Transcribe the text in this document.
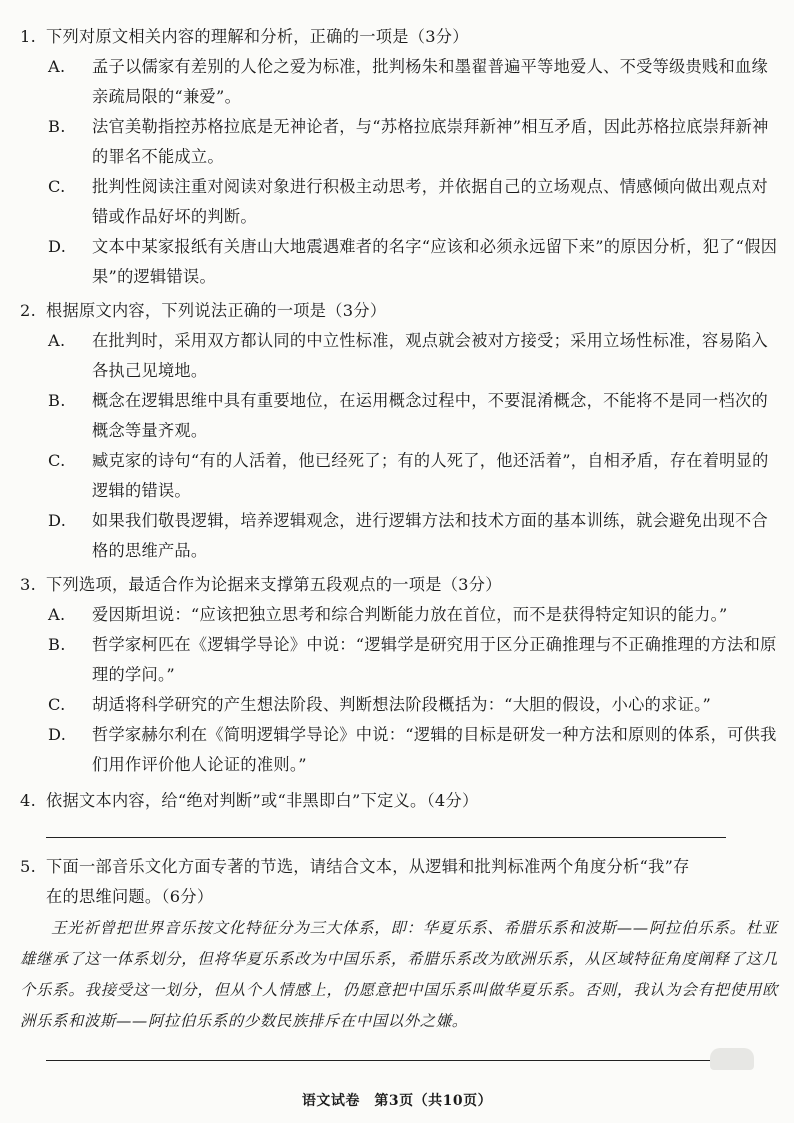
1. 下列对原文相关内容的理解和分析，正确的一项是（3分）
A. 孟子以儒家有差别的人伦之爱为标准，批判杨朱和墨翟普遍平等地爱人、不受等级贵贱和血缘亲疏局限的“兼爱”。
B. 法官美勒指控苏格拉底是无神论者，与“苏格拉底崇拜新神”相互矛盾，因此苏格拉底崇拜新神的罪名不能成立。
C. 批判性阅读注重对阅读对象进行积极主动思考，并依据自己的立场观点、情感倾向做出观点对错或作品好坏的判断。
D. 文本中某家报纸有关唐山大地震遇难者的名字“应该和必须永远留下来”的原因分析，犯了“假因果”的逻辑错误。
2. 根据原文内容，下列说法正确的一项是（3分）
A. 在批判时，采用双方都认同的中立性标准，观点就会被对方接受；采用立场性标准，容易陷入各执己见境地。
B. 概念在逻辑思维中具有重要地位，在运用概念过程中，不要混淆概念，不能将不是同一档次的概念等量齐观。
C. 臧克家的诗句“有的人活着，他已经死了；有的人死了，他还活着”，自相矛盾，存在着明显的逻辑的错误。
D. 如果我们敬畏逻辑，培养逻辑观念，进行逻辑方法和技术方面的基本训练，就会避免出现不合格的思维产品。
3. 下列选项，最适合作为论据来支撑第五段观点的一项是（3分）
A. 爱因斯坦说：“应该把独立思考和综合判断能力放在首位，而不是获得特定知识的能力。”
B. 哲学家柯匹在《逻辑学导论》中说：“逻辑学是研究用于区分正确推理与不正确推理的方法和原理的学问。”
C. 胡适将科学研究的产生想法阶段、判断想法阶段概括为：“大胆的假设，小心的求证。”
D. 哲学家赫尔利在《简明逻辑学导论》中说：“逻辑的目标是研发一种方法和原则的体系，可供我们用作评价他人论证的准则。”
4. 依据文本内容，给“绝对判断”或“非黑即白”下定义。（4分）
5. 下面一部音乐文化方面专著的节选，请结合文本，从逻辑和批判标准两个角度分析“我”存
在的思维问题。（6分）
王光祈曾把世界音乐按文化特征分为三大体系，即：华夏乐系、希腊乐系和波斯——阿拉伯乐系。杜亚雄继承了这一体系划分，但将华夏乐系改为中国乐系，希腊乐系改为欧洲乐系，从区域特征角度阐释了这几个乐系。我接受这一划分，但从个人情感上，仍愿意把中国乐系叫做华夏乐系。否则，我认为会有把使用欧洲乐系和波斯——阿拉伯乐系的少数民族排斥在中国以外之嫌。
语文试卷　第3页（共10页）
